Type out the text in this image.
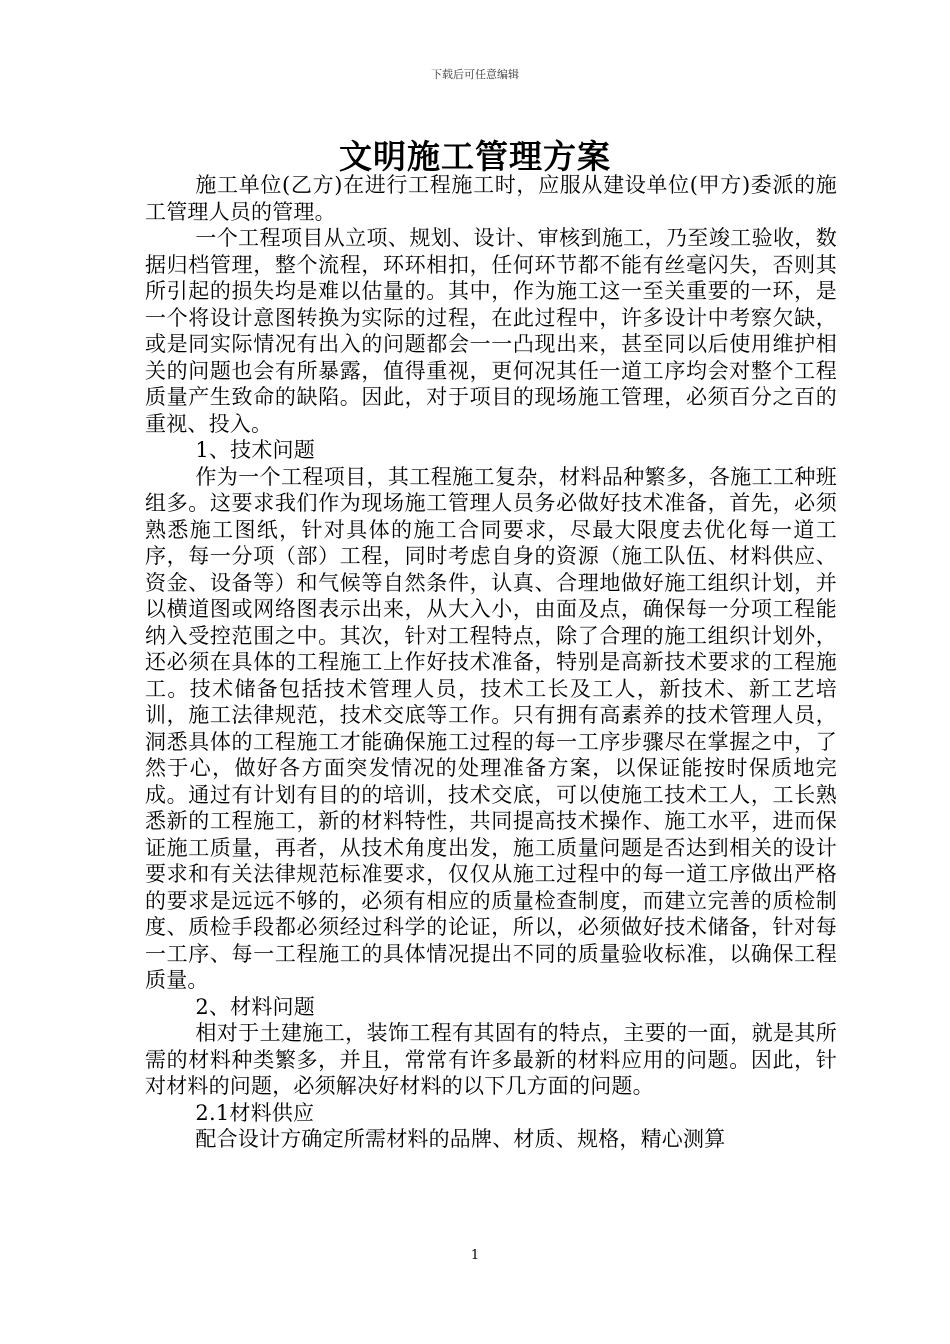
下载后可任意编辑
文明施工管理方案

施工单位(乙方)在进行工程施工时，应服从建设单位(甲方)委派的施工管理人员的管理。

一个工程项目从立项、规划、设计、审核到施工，乃至竣工验收，数据归档管理，整个流程，环环相扣，任何环节都不能有丝毫闪失，否则其所引起的损失均是难以估量的。其中，作为施工这一至关重要的一环，是一个将设计意图转换为实际的过程，在此过程中，许多设计中考察欠缺，或是同实际情况有出入的问题都会一一凸现出来，甚至同以后使用维护相关的问题也会有所暴露，值得重视，更何况其任一道工序均会对整个工程质量产生致命的缺陷。因此，对于项目的现场施工管理，必须百分之百的重视、投入。

1、技术问题

作为一个工程项目，其工程施工复杂，材料品种繁多，各施工工种班组多。这要求我们作为现场施工管理人员务必做好技术准备，首先，必须熟悉施工图纸，针对具体的施工合同要求，尽最大限度去优化每一道工序，每一分项（部）工程，同时考虑自身的资源（施工队伍、材料供应、资金、设备等）和气候等自然条件，认真、合理地做好施工组织计划，并以横道图或网络图表示出来，从大入小，由面及点，确保每一分项工程能纳入受控范围之中。其次，针对工程特点，除了合理的施工组织计划外，还必须在具体的工程施工上作好技术准备，特别是高新技术要求的工程施工。技术储备包括技术管理人员，技术工长及工人，新技术、新工艺培训，施工法律规范，技术交底等工作。只有拥有高素养的技术管理人员，洞悉具体的工程施工才能确保施工过程的每一工序步骤尽在掌握之中，了然于心，做好各方面突发情况的处理准备方案，以保证能按时保质地完成。通过有计划有目的的培训，技术交底，可以使施工技术工人，工长熟悉新的工程施工，新的材料特性，共同提高技术操作、施工水平，进而保证施工质量，再者，从技术角度出发，施工质量问题是否达到相关的设计要求和有关法律规范标准要求，仅仅从施工过程中的每一道工序做出严格的要求是远远不够的，必须有相应的质量检查制度，而建立完善的质检制度、质检手段都必须经过科学的论证，所以，必须做好技术储备，针对每一工序、每一工程施工的具体情况提出不同的质量验收标准，以确保工程质量。

2、材料问题

相对于土建施工，装饰工程有其固有的特点，主要的一面，就是其所需的材料种类繁多，并且，常常有许多最新的材料应用的问题。因此，针对材料的问题，必须解决好材料的以下几方面的问题。

2.1材料供应

配合设计方确定所需材料的品牌、材质、规格，精心测算

1
